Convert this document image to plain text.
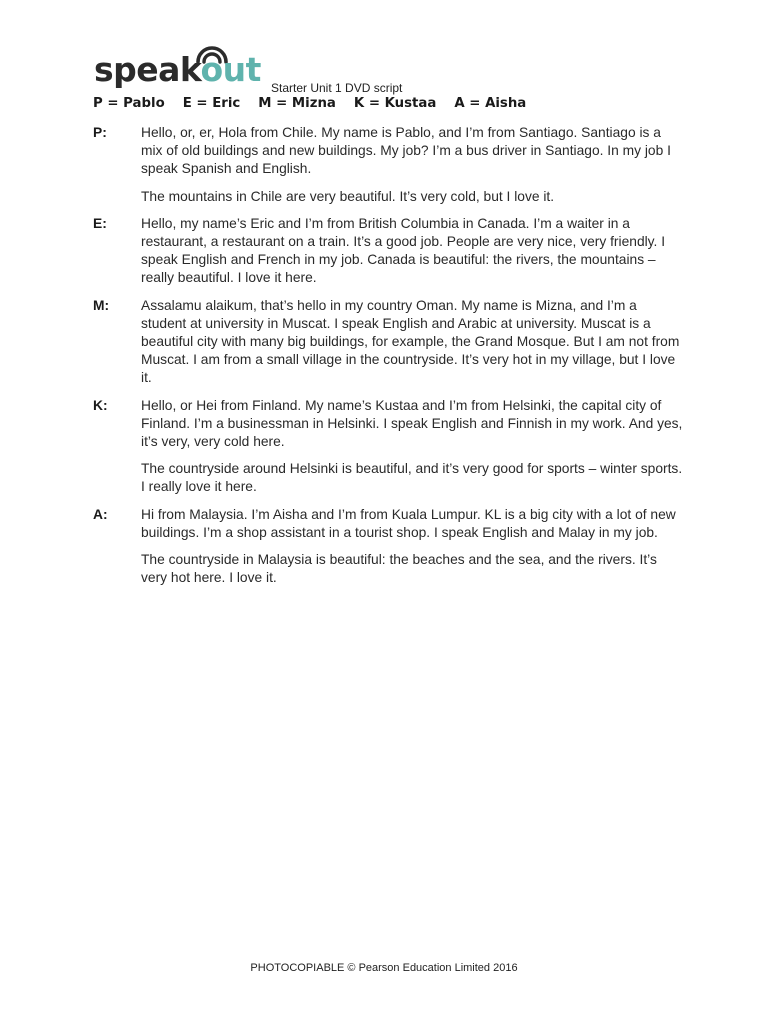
speakout Starter Unit 1 DVD script
P = Pablo E = Eric M = Mizna K = Kustaa A = Aisha
P:	Hello, or, er, Hola from Chile. My name is Pablo, and I’m from Santiago. Santiago is a mix of old buildings and new buildings. My job? I’m a bus driver in Santiago. In my job I speak Spanish and English.
The mountains in Chile are very beautiful. It’s very cold, but I love it.
E:	Hello, my name’s Eric and I’m from British Columbia in Canada. I’m a waiter in a restaurant, a restaurant on a train. It’s a good job. People are very nice, very friendly. I speak English and French in my job. Canada is beautiful: the rivers, the mountains – really beautiful. I love it here.
M:	Assalamu alaikum, that’s hello in my country Oman. My name is Mizna, and I’m a student at university in Muscat. I speak English and Arabic at university. Muscat is a beautiful city with many big buildings, for example, the Grand Mosque. But I am not from Muscat. I am from a small village in the countryside. It’s very hot in my village, but I love it.
K:	Hello, or Hei from Finland. My name’s Kustaa and I’m from Helsinki, the capital city of Finland. I’m a businessman in Helsinki. I speak English and Finnish in my work. And yes, it’s very, very cold here.
The countryside around Helsinki is beautiful, and it’s very good for sports – winter sports. I really love it here.
A:	Hi from Malaysia. I’m Aisha and I’m from Kuala Lumpur. KL is a big city with a lot of new buildings. I’m a shop assistant in a tourist shop. I speak English and Malay in my job.
The countryside in Malaysia is beautiful: the beaches and the sea, and the rivers. It’s very hot here. I love it.
PHOTOCOPIABLE © Pearson Education Limited 2016
